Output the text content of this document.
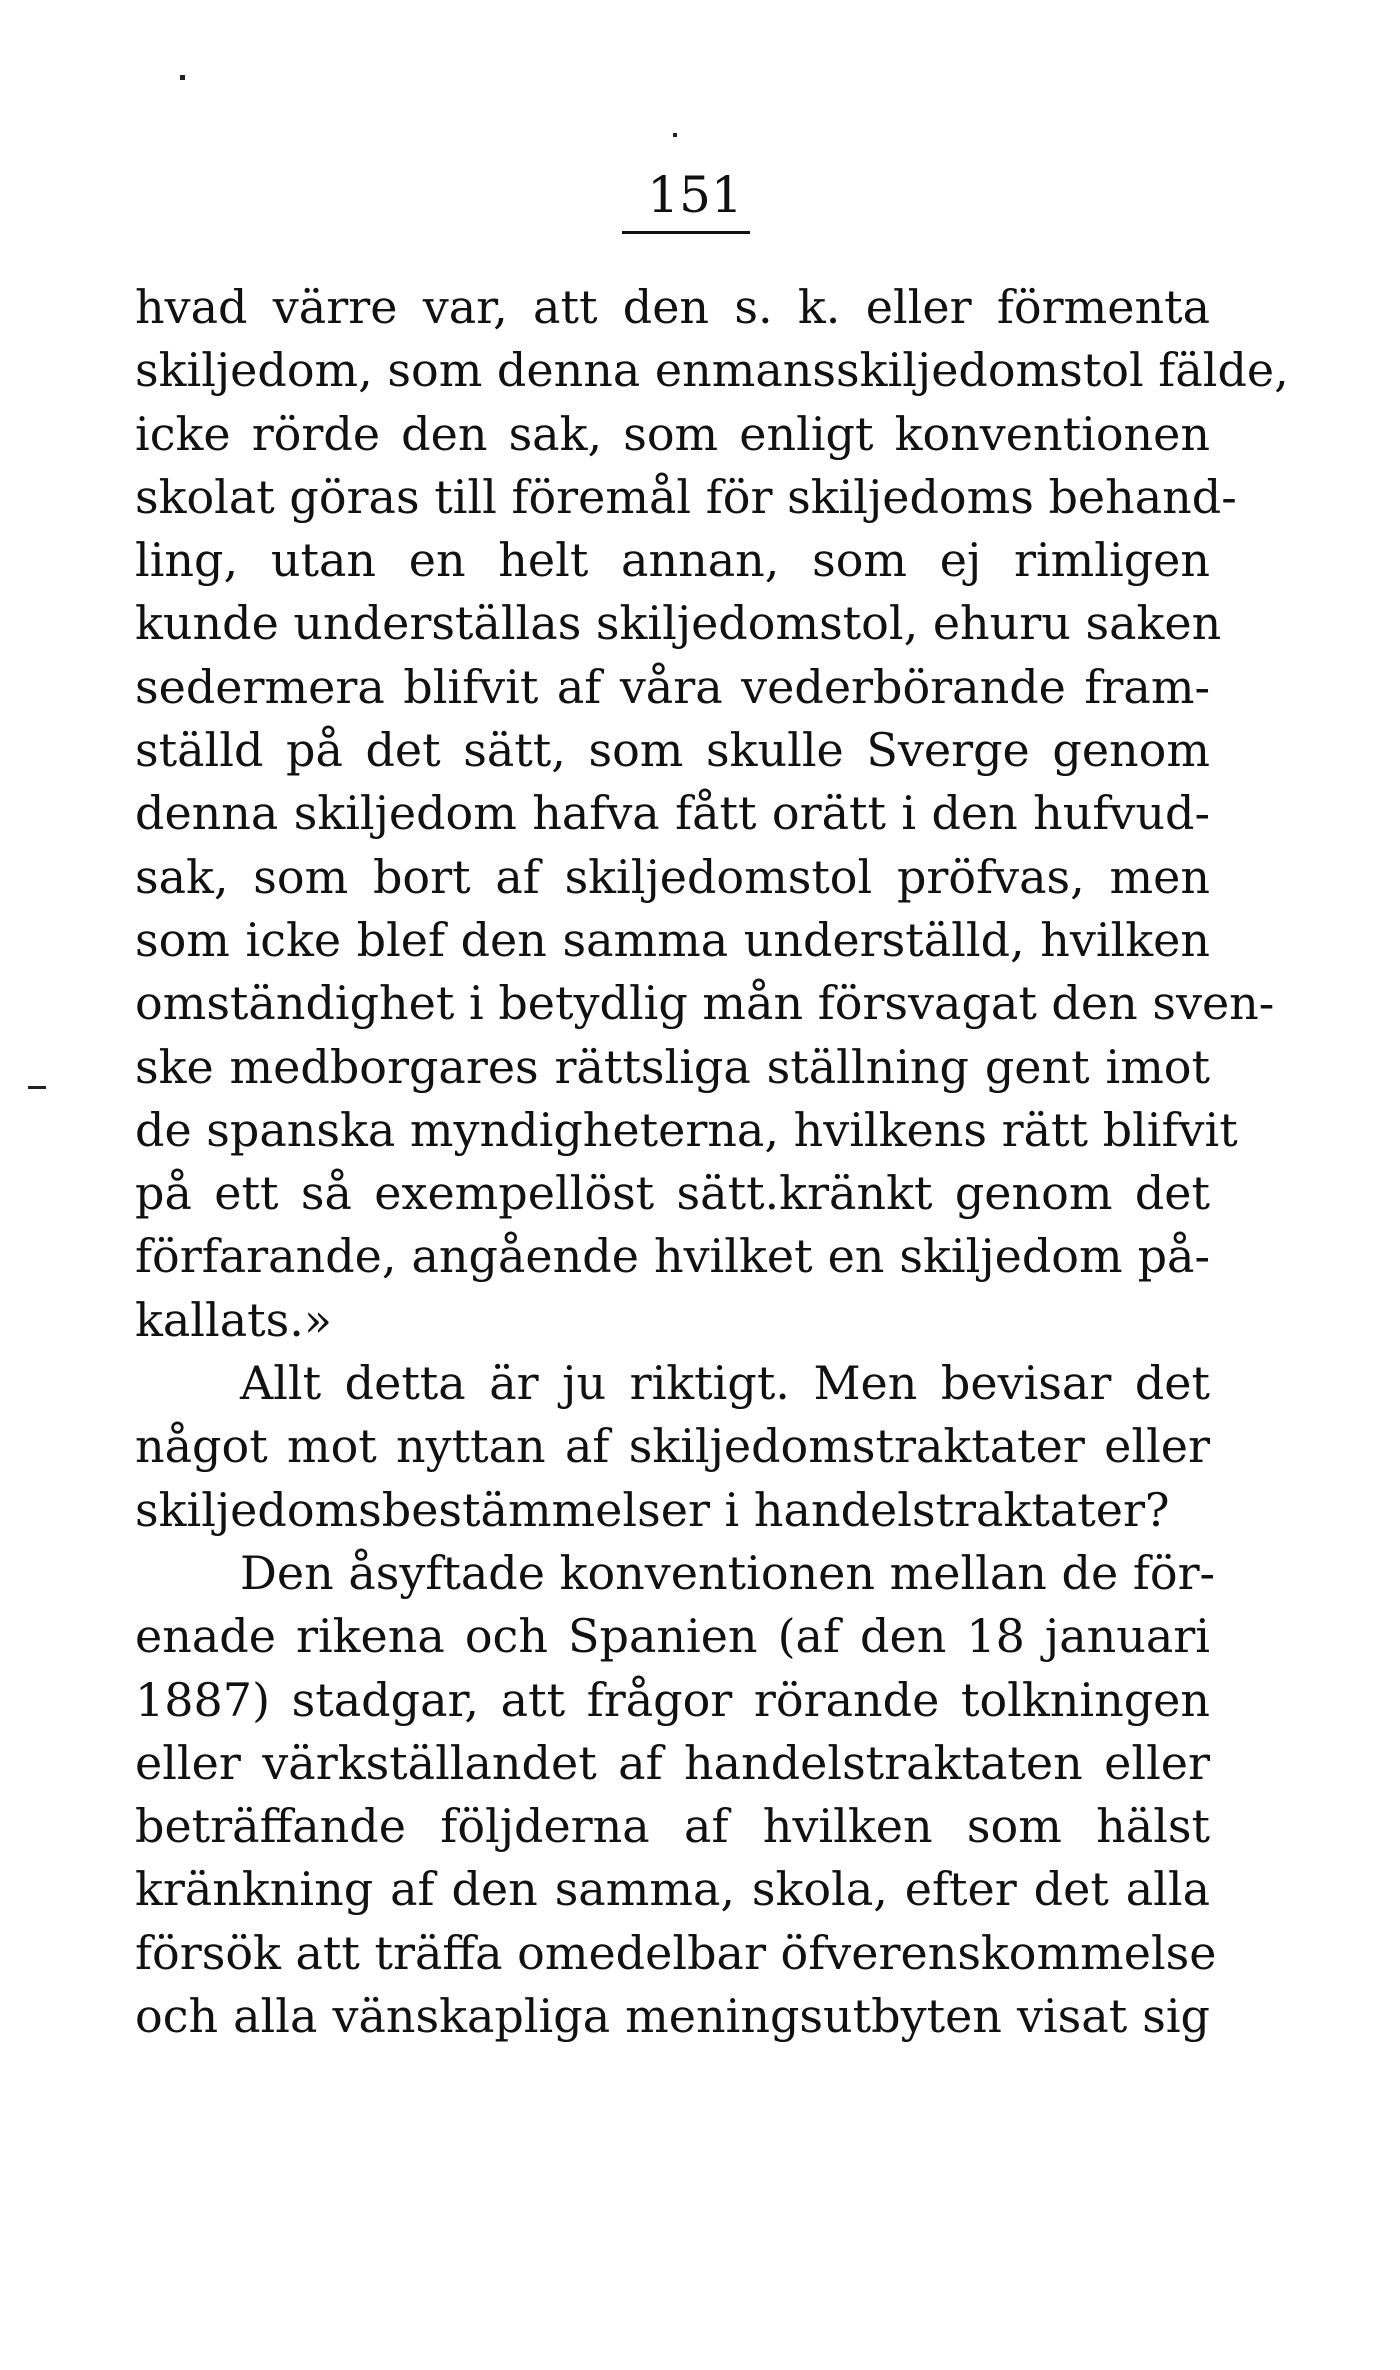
151
hvad värre var, att den s. k. eller förmenta
skiljedom, som denna enmansskiljedomstol fälde,
icke rörde den sak, som enligt konventionen
skolat göras till föremål för skiljedoms behand-
ling, utan en helt annan, som ej rimligen
kunde underställas skiljedomstol, ehuru saken
sedermera blifvit af våra vederbörande fram-
ställd på det sätt, som skulle Sverge genom
denna skiljedom hafva fått orätt i den hufvud-
sak, som bort af skiljedomstol pröfvas, men
som icke blef den samma underställd, hvilken
omständighet i betydlig mån försvagat den sven-
ske medborgares rättsliga ställning gent imot
de spanska myndigheterna, hvilkens rätt blifvit
på ett så exempellöst sätt.kränkt genom det
förfarande, angående hvilket en skiljedom på-
kallats.»
Allt detta är ju riktigt. Men bevisar det
något mot nyttan af skiljedomstraktater eller
skiljedomsbestämmelser i handelstraktater?
Den åsyftade konventionen mellan de för-
enade rikena och Spanien (af den 18 januari
1887) stadgar, att frågor rörande tolkningen
eller värkställandet af handelstraktaten eller
beträffande följderna af hvilken som hälst
kränkning af den samma, skola, efter det alla
försök att träffa omedelbar öfverenskommelse
och alla vänskapliga meningsutbyten visat sig
